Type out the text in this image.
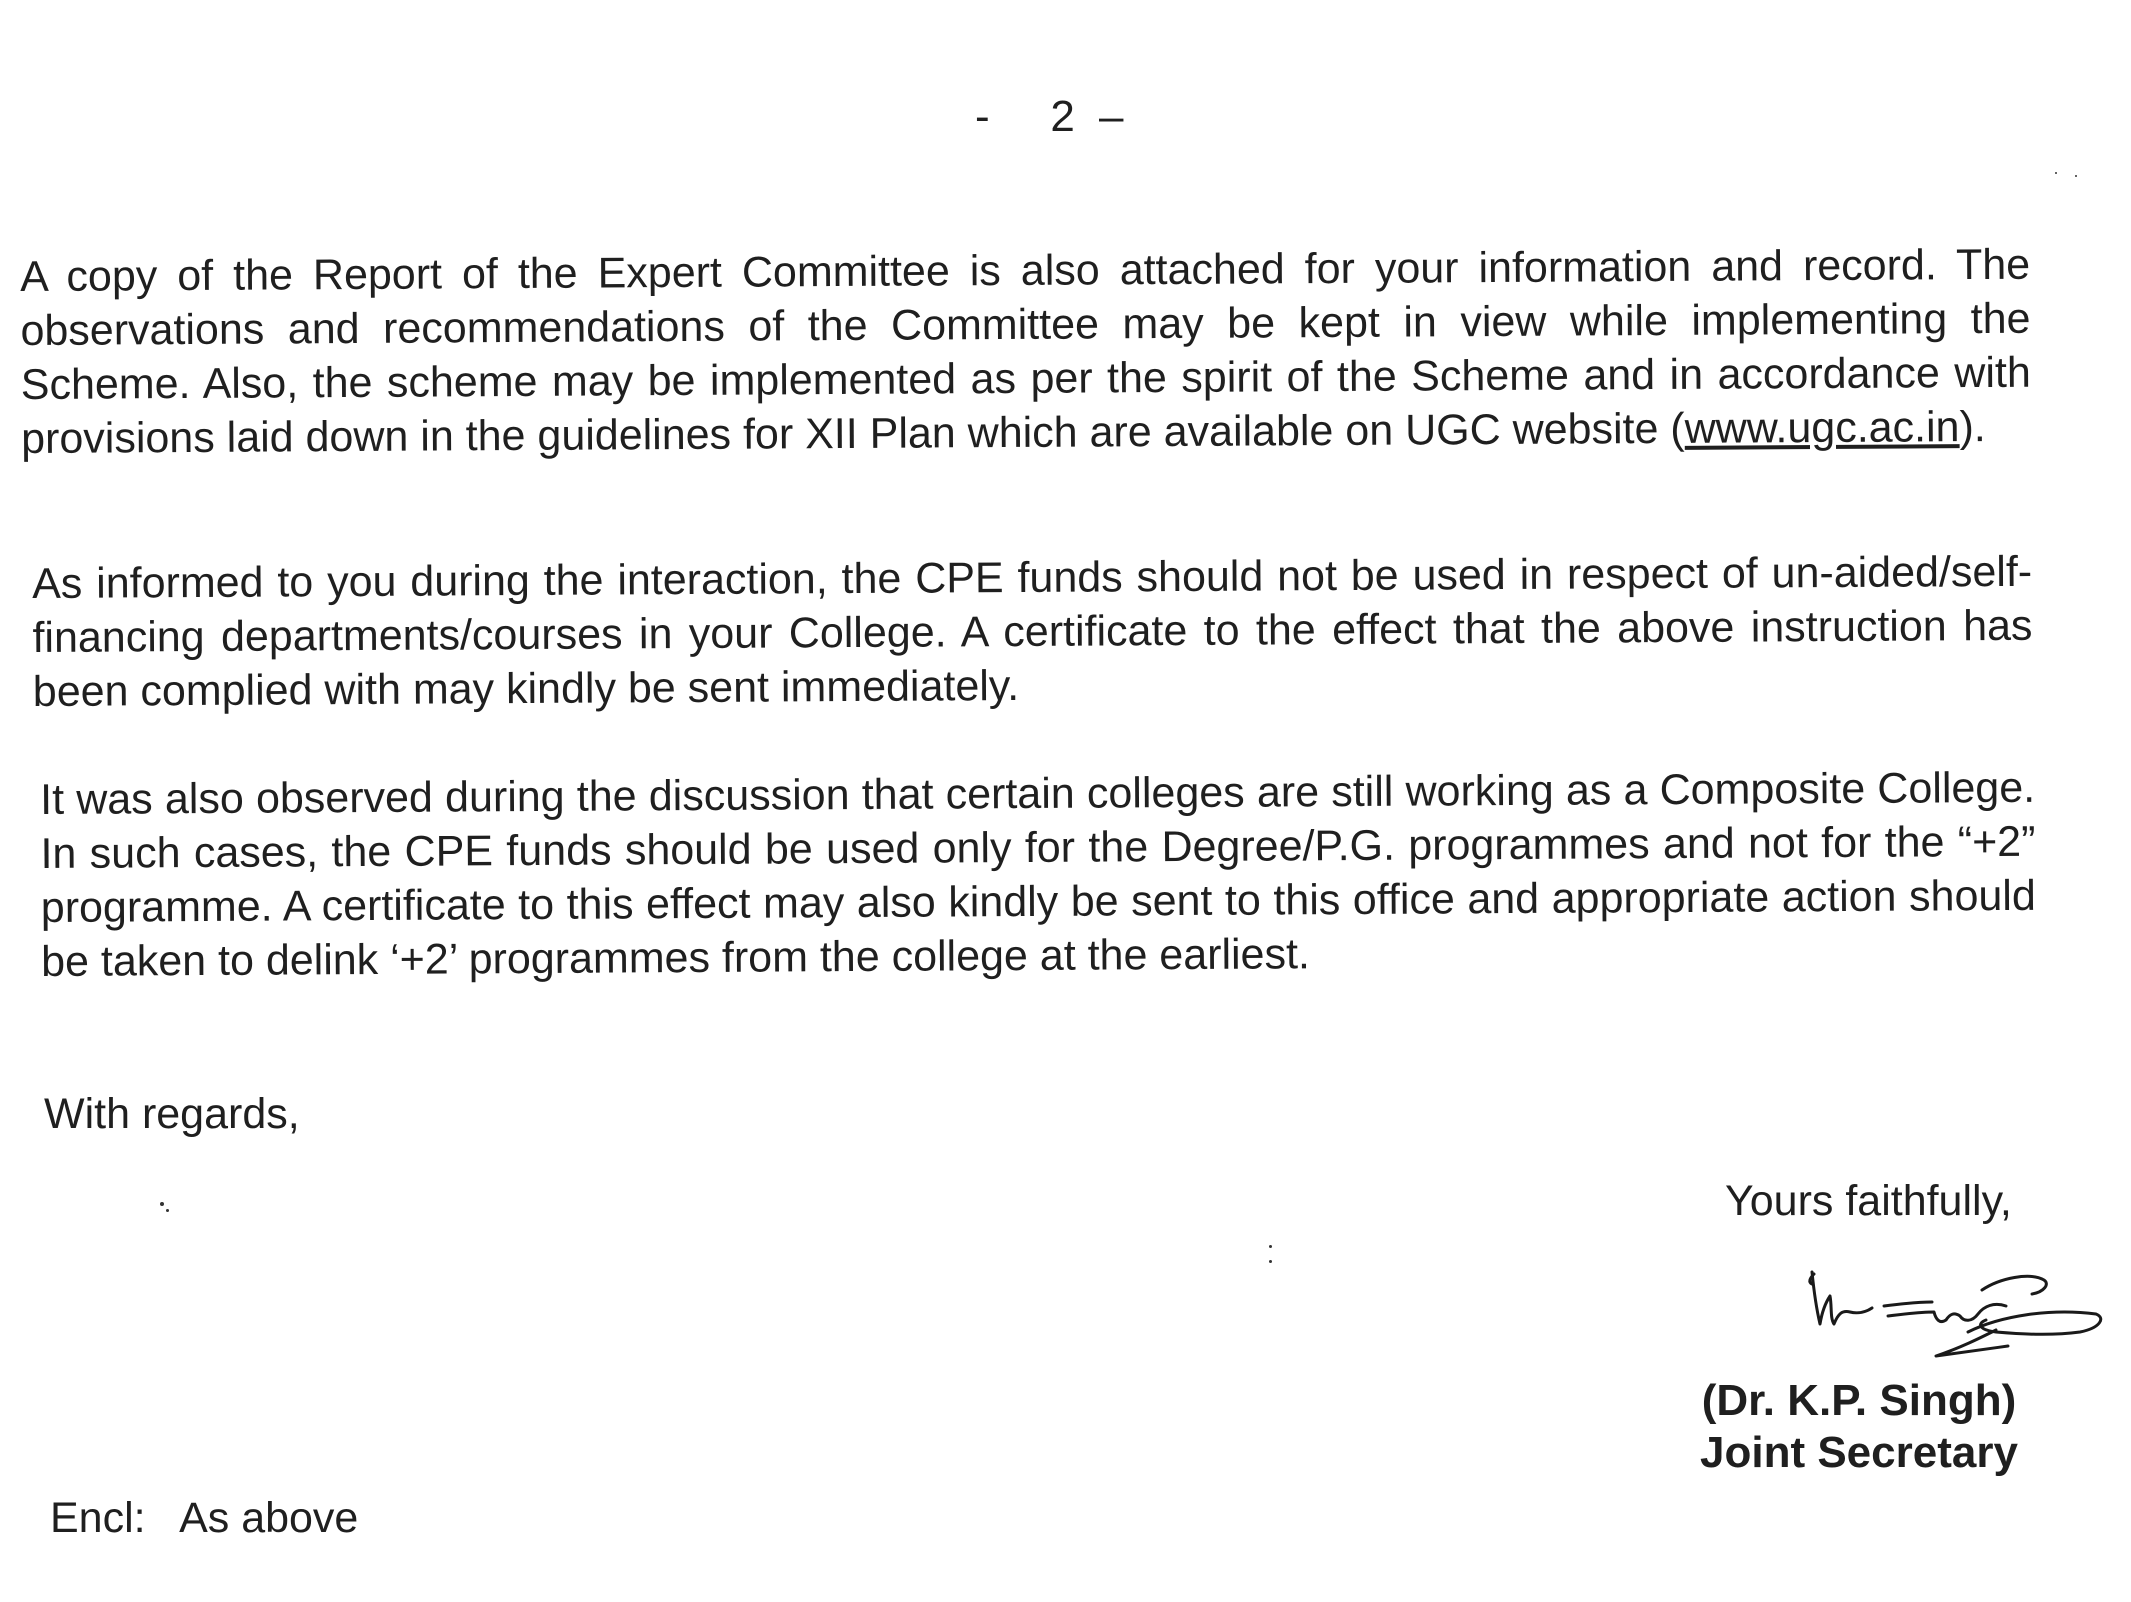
-   2 –

A copy of the Report of the Expert Committee is also attached for your information and record. The observations and recommendations of the Committee may be kept in view while implementing the Scheme. Also, the scheme may be implemented as per the spirit of the Scheme and in accordance with provisions laid down in the guidelines for XII Plan which are available on UGC website (www.ugc.ac.in).

As informed to you during the interaction, the CPE funds should not be used in respect of un-aided/self-financing departments/courses in your College. A certificate to the effect that the above instruction has been complied with may kindly be sent immediately.

It was also observed during the discussion that certain colleges are still working as a Composite College. In such cases, the CPE funds should be used only for the Degree/P.G. programmes and not for the “+2” programme. A certificate to this effect may also kindly be sent to this office and appropriate action should be taken to delink ‘+2’ programmes from the college at the earliest.

With regards,
Yours faithfully,
(Dr. K.P. Singh)
Joint Secretary
Encl:   As above
